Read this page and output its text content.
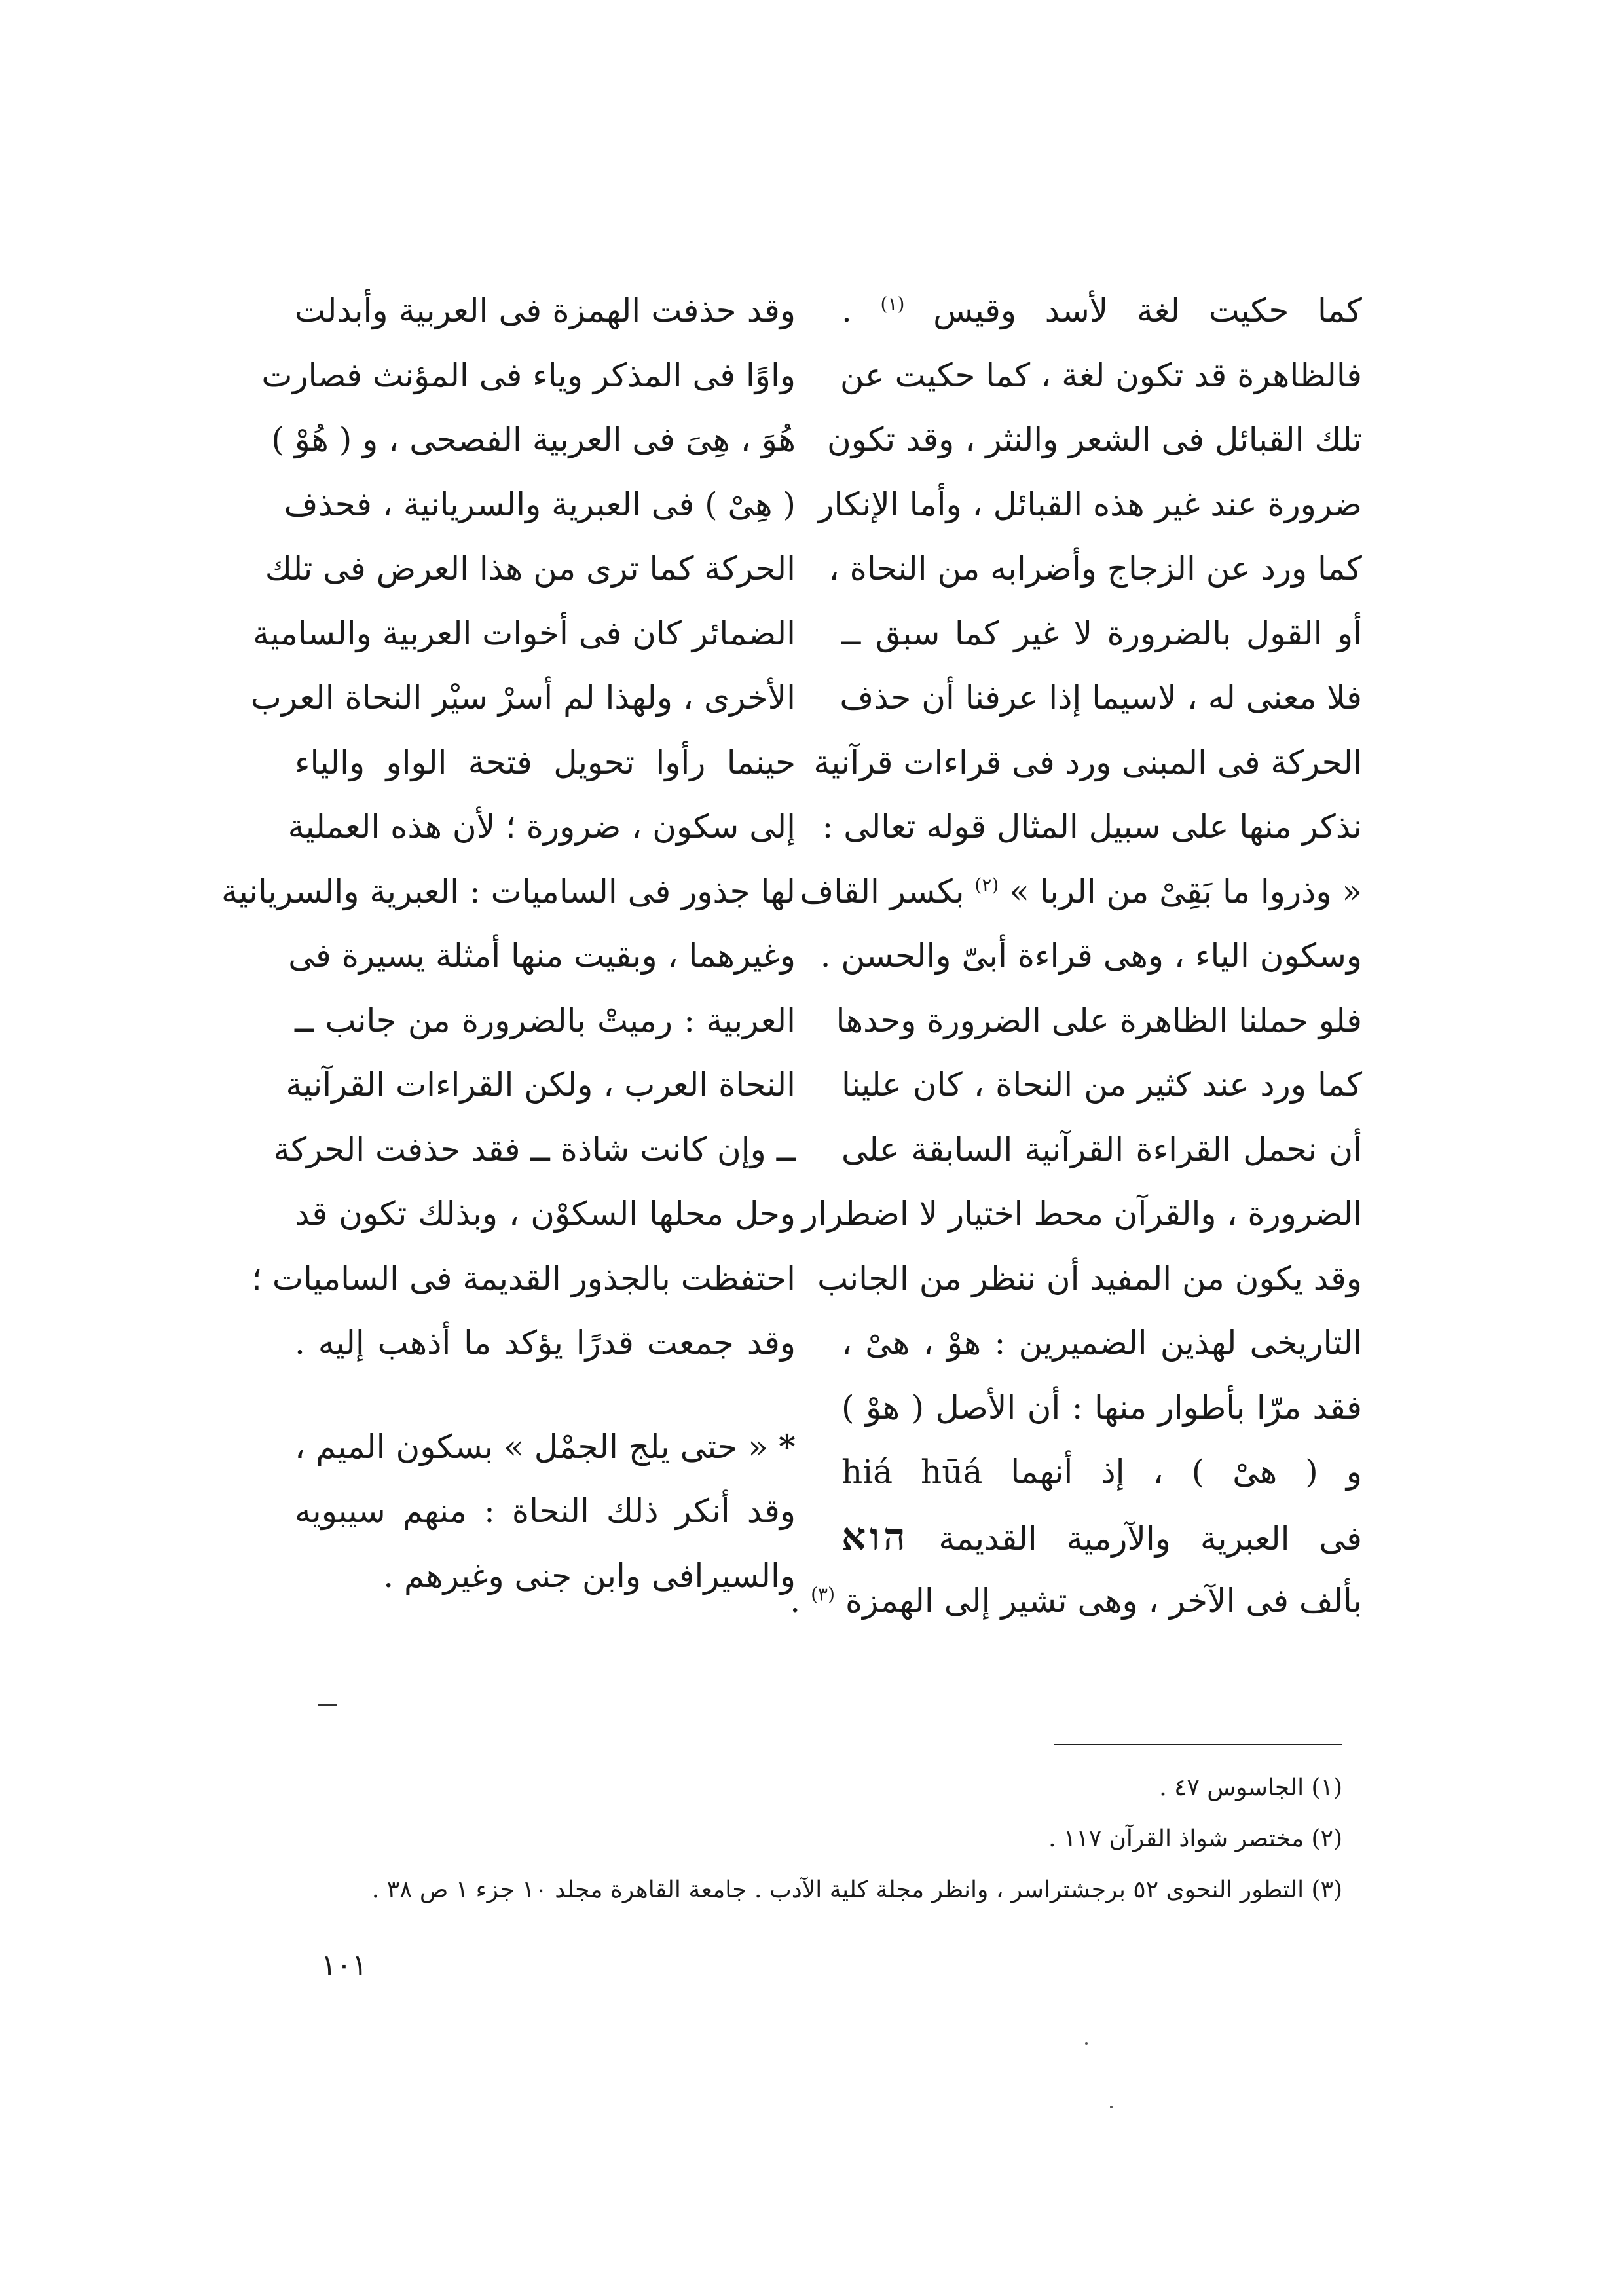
كما حكيت لغة لأسد وقيس $^{(١)}$ .
فالظاهرة قد تكون لغة ، كما حكيت عن
تلك القبائل فى الشعر والنثر ، وقد تكون
ضرورة عند غير هذه القبائل ، وأما الإنكار
كما ورد عن الزجاج وأضرابه من النحاة ،
أو القول بالضرورة لا غير كما سبق ــ
فلا معنى له ، لاسيما إذا عرفنا أن حذف
الحركة فى المبنى ورد فى قراءات قرآنية
نذكر منها على سبيل المثال قوله تعالى :
« وذروا ما بَقِىْ من الربا » $^{(٢)}$ بكسر القاف
وسكون الياء ، وهى قراءة أبىّ والحسن .
فلو حملنا الظاهرة على الضرورة وحدها
كما ورد عند كثير من النحاة ، كان علينا
أن نحمل القراءة القرآنية السابقة على
الضرورة ، والقرآن محط اختيار لا اضطرار
وقد يكون من المفيد أن ننظر من الجانب
التاريخى لهذين الضميرين : هوْ ، هىْ ،
فقد مرّا بأطوار منها : أن الأصل ( هوْ )
و ( هىْ ) ، إذ أنهما hūá hiá
فى العبرية والآرمية القديمة הוא
بألف فى الآخر ، وهى تشير إلى الهمزة $^{(٣)}$ .
وقد حذفت الهمزة فى العربية وأبدلت
واوًا فى المذكر وياء فى المؤنث فصارت
هُوَ ، هِىَ فى العربية الفصحى ، و ( هُوْ )
( هِىْ ) فى العبرية والسريانية ، فحذف
الحركة كما ترى من هذا العرض فى تلك
الضمائر كان فى أخوات العربية والسامية
الأخرى ، ولهذا لم أسرْ سيْر النحاة العرب
حينما رأوا تحويل فتحة الواو والياء
إلى سكون ، ضرورة ؛ لأن هذه العملية
لها جذور فى الساميات : العبرية والسريانية
وغيرهما ، وبقيت منها أمثلة يسيرة فى
العربية : رميتْ بالضرورة من جانب ــ
النحاة العرب ، ولكن القراءات القرآنية
ــ وإن كانت شاذة ــ فقد حذفت الحركة
وحل محلها السكوْن ، وبذلك تكون قد
احتفظت بالجذور القديمة فى الساميات ؛
وقد جمعت قدرًا يؤكد ما أذهب إليه .
* « حتى يلج الجمْل » بسكون الميم ،
وقد أنكر ذلك النحاة : منهم سيبويه
والسيرافى وابن جنى وغيرهم .
(١) الجاسوس ٤٧ .
(٢) مختصر شواذ القرآن ١١٧ .
(٣) التطور النحوى ٥٢ برجشتراسر ، وانظر مجلة كلية الآدب . جامعة القاهرة مجلد ١٠ جزء ١ ص ٣٨ .
١٠١
